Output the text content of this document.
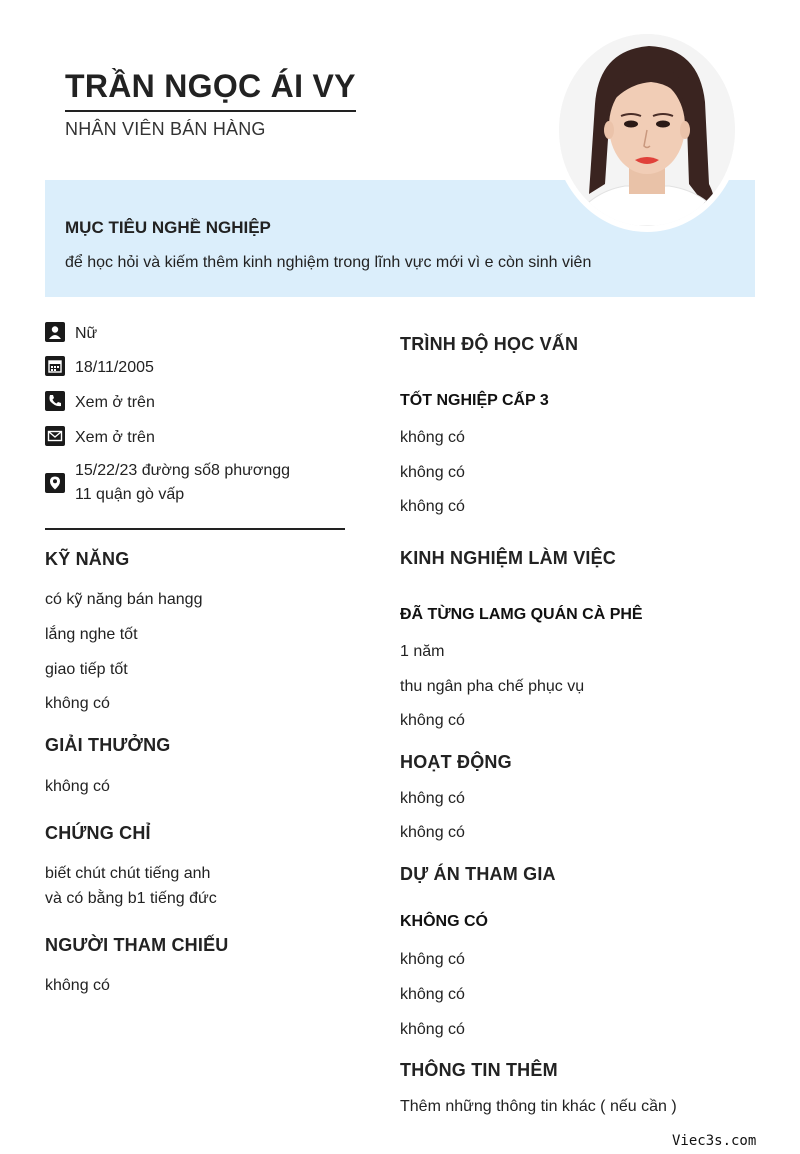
TRẦN NGỌC ÁI VY
NHÂN VIÊN BÁN HÀNG
MỤC TIÊU NGHỀ NGHIỆP
để học hỏi và kiếm thêm kinh nghiệm trong lĩnh vực mới vì e còn sinh viên
Nữ
18/11/2005
Xem ở trên
Xem ở trên
15/22/23 đường số8 phươngg
11 quận gò vấp
KỸ NĂNG
có kỹ năng bán hangg
lắng nghe tốt
giao tiếp tốt
không có
GIẢI THƯỞNG
không có
CHỨNG CHỈ
biết chút chút tiếng anh
và có bằng b1 tiếng đức
NGƯỜI THAM CHIẾU
không có
TRÌNH ĐỘ HỌC VẤN
TỐT NGHIỆP CẤP 3
không có
không có
không có
KINH NGHIỆM LÀM VIỆC
ĐÃ TỪNG LAMG QUÁN CÀ PHÊ
1 năm
thu ngân pha chế phục vụ
không có
HOẠT ĐỘNG
không có
không có
DỰ ÁN THAM GIA
KHÔNG CÓ
không có
không có
không có
THÔNG TIN THÊM
Thêm những thông tin khác ( nếu cần )
Viec3s.com
